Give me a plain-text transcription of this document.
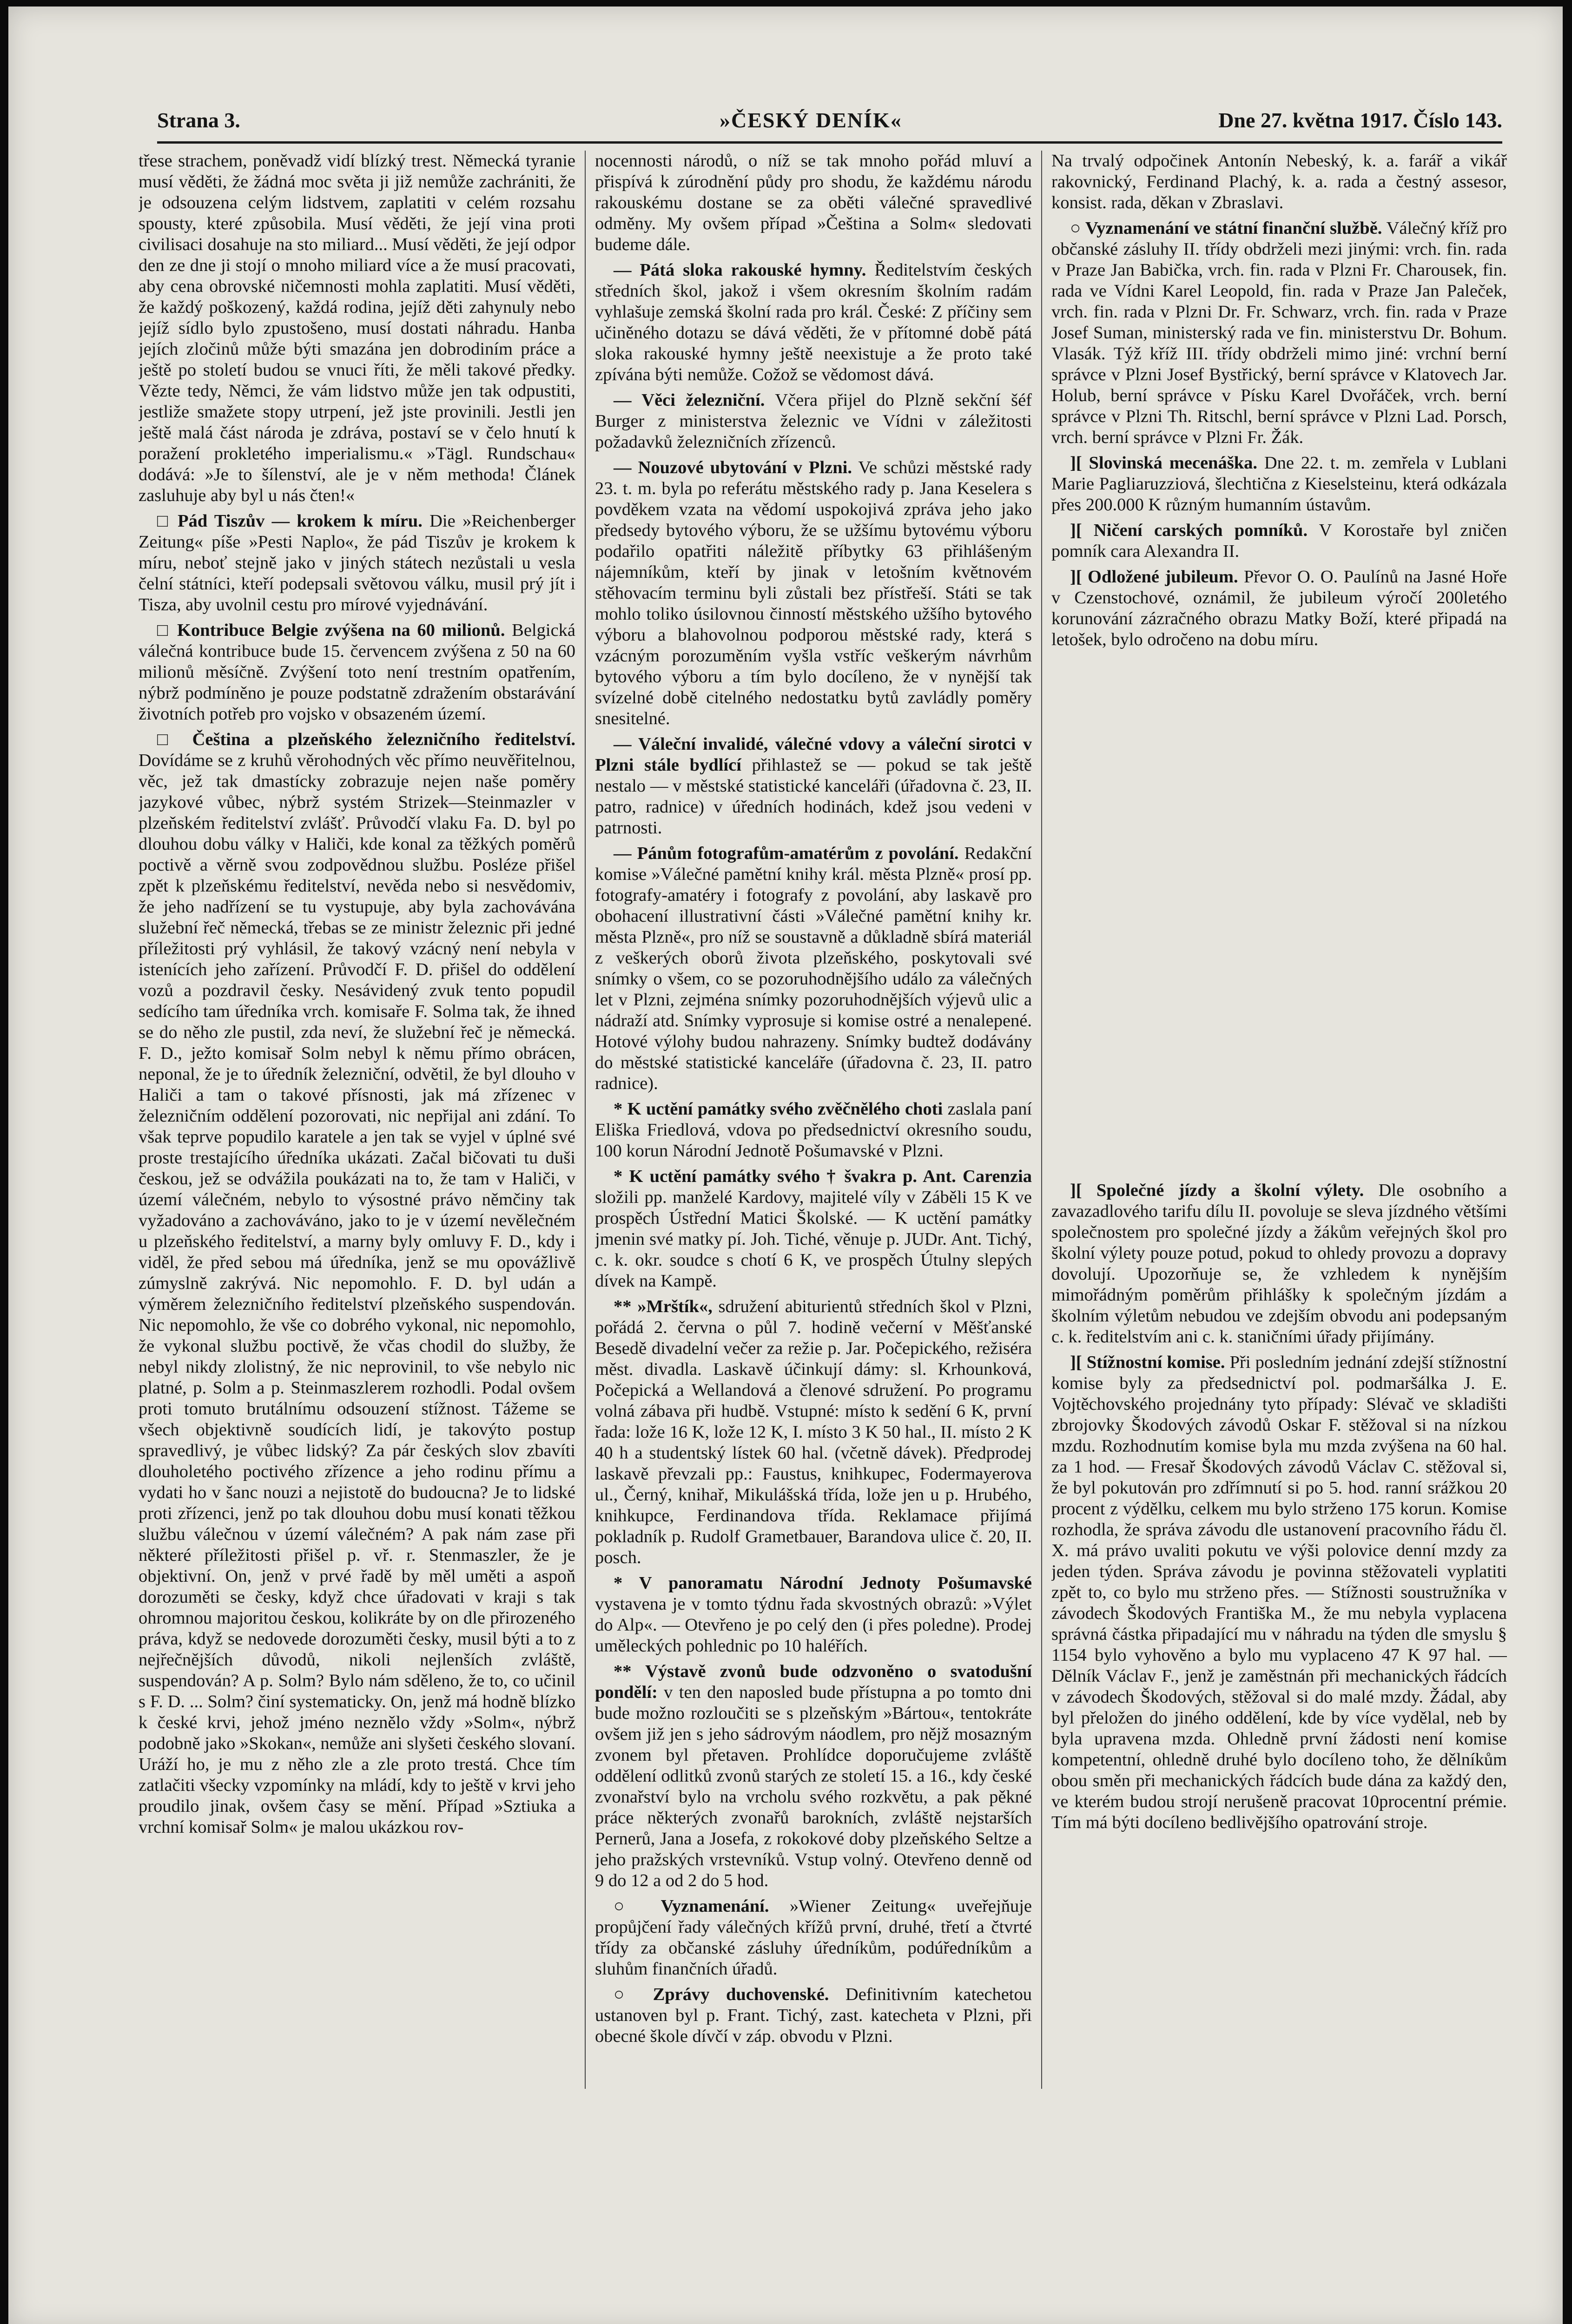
Strana 3.	»ČESKÝ DENÍK«	Dne 27. května 1917. Číslo 143.

třese strachem, poněvadž vidí blízký trest. Německá tyranie musí věděti, že žádná moc světa ji již nemůže zachrániti, že je odsouzena celým lidstvem, zaplatiti v celém rozsahu spousty, které způsobila. Musí věděti, že její vina proti civilisaci dosahuje na sto miliard... Musí věděti, že její odpor den ze dne ji stojí o mnoho miliard více a že musí pracovati, aby cena obrovské ničemnosti mohla zaplatiti. Musí věděti, že každý poškozený, každá rodina, jejíž děti zahynuly nebo jejíž sídlo bylo zpustošeno, musí dostati náhradu. Hanba jejích zločinů může býti smazána jen dobrodiním práce a ještě po století budou se vnuci říti, že měli takové předky. Vězte tedy, Němci, že vám lidstvo může jen tak odpustiti, jestliže smažete stopy utrpení, jež jste provinili. Jestli jen ještě malá část národa je zdráva, postaví se v čelo hnutí k poražení prokletého imperialismu.« »Tägl. Rundschau« dodává: »Je to šílenství, ale je v něm methoda! Článek zasluhuje aby byl u nás čten!«

□ Pád Tiszův — krokem k míru. Die »Reichenberger Zeitung« píše »Pesti Naplo«, že pád Tiszův je krokem k míru, neboť stejně jako v jiných státech nezůstali u vesla čelní státníci, kteří podepsali světovou válku, musil prý jít i Tisza, aby uvolnil cestu pro mírové vyjednávání.

□ Kontribuce Belgie zvýšena na 60 milionů. Belgická válečná kontribuce bude 15. červencem zvýšena z 50 na 60 milionů měsíčně. Zvýšení toto není trestním opatřením, nýbrž podmíněno je pouze podstatně zdražením obstarávání životních potřeb pro vojsko v obsazeném území.

□ Čeština a plzeňského železničního ředitelství. Dovídáme se z kruhů věrohodných věc přímo neuvěřitelnou, věc, jež tak dmastícky zobrazuje nejen naše poměry jazykové vůbec, nýbrž systém Strizek—Steinmazler v plzeňském ředitelství zvlášť. Průvodčí vlaku Fa. D. byl po dlouhou dobu války v Haliči, kde konal za těžkých poměrů poctivě a věrně svou zodpovědnou službu. Posléze přišel zpět k plzeňskému ředitelství, nevěda nebo si nesvědomiv, že jeho nadřízení se tu vystupuje, aby byla zachovávána služební řeč německá, třebas se ze ministr železnic při jedné příležitosti prý vyhlásil, že takový vzácný není nebyla v istenících jeho zařízení. Průvodčí F. D. přišel do oddělení vozů a pozdravil česky. Nesávidený zvuk tento popudil sedícího tam úředníka vrch. komisaře F. Solma tak, že ihned se do něho zle pustil, zda neví, že služební řeč je německá. F. D., ježto komisař Solm nebyl k němu přímo obrácen, neponal, že je to úředník železniční, odvětil, že byl dlouho v Haliči a tam o takové přísnosti, jak má zřízenec v železničním oddělení pozorovati, nic nepřijal ani zdání. To však teprve popudilo karatele a jen tak se vyjel v úplné své proste trestajícího úředníka ukázati. Začal bičovati tu duši českou, jež se odvážila poukázati na to, že tam v Haliči, v území válečném, nebylo to výsostné právo němčiny tak vyžadováno a zachováváno, jako to je v území nevělečném u plzeňského ředitelství, a marny byly omluvy F. D., kdy i viděl, že před sebou má úředníka, jenž se mu opovážlivě zúmyslně zakrývá. Nic nepomohlo. F. D. byl udán a výměrem železničního ředitelství plzeňského suspendován. Nic nepomohlo, že vše co dobrého vykonal, nic nepomohlo, že vykonal službu poctivě, že včas chodil do služby, že nebyl nikdy zlolistný, že nic neprovinil, to vše nebylo nic platné, p. Solm a p. Steinmaszlerem rozhodli. Podal ovšem proti tomuto brutálnímu odsouzení stížnost. Tážeme se všech objektivně soudících lidí, je takovýto postup spravedlivý, je vůbec lidský? Za pár českých slov zbavíti dlouholetého poctivého zřízence a jeho rodinu přímu a vydati ho v šanc nouzi a nejistotě do budoucna? Je to lidské proti zřízenci, jenž po tak dlouhou dobu musí konati těžkou službu válečnou v území válečném? A pak nám zase při některé příležitosti přišel p. vř. r. Stenmaszler, že je objektivní. On, jenž v prvé řadě by měl uměti a aspoň dorozuměti se česky, když chce úřadovati v kraji s tak ohromnou majoritou českou, kolikráte by on dle přirozeného práva, když se nedovede dorozuměti česky, musil býti a to z nejřečnějších důvodů, nikoli nejlenších zvláště, suspendován? A p. Solm? Bylo nám sděleno, že to, co učinil s F. D. ... Solm? činí systematicky. On, jenž má hodně blízko k české krvi, jehož jméno neznělo vždy »Solm«, nýbrž podobně jako »Skokan«, nemůže ani slyšeti českého slovaní. Uráží ho, je mu z něho zle a zle proto trestá. Chce tím zatlačiti všecky vzpomínky na mládí, kdy to ještě v krvi jeho proudilo jinak, ovšem časy se mění. Případ »Sztiuka a vrchní komisař Solm« je malou ukázkou rov-

nocennosti národů, o níž se tak mnoho pořád mluví a přispívá k zúrodnění půdy pro shodu, že každému národu rakouskému dostane se za oběti válečné spravedlivé odměny. My ovšem případ »Čeština a Solm« sledovati budeme dále.

— Pátá sloka rakouské hymny. Ředitelstvím českých středních škol, jakož i všem okresním školním radám vyhlašuje zemská školní rada pro král. České: Z příčiny sem učiněného dotazu se dává věděti, že v přítomné době pátá sloka rakouské hymny ještě neexistuje a že proto také zpívána býti nemůže. Cožož se vědomost dává.

— Věci železniční. Včera přijel do Plzně sekční šéf Burger z ministerstva železnic ve Vídni v záležitosti požadavků železničních zřízenců.

— Nouzové ubytování v Plzni. Ve schůzi městské rady 23. t. m. byla po referátu městského rady p. Jana Keselera s povděkem vzata na vědomí uspokojivá zpráva jeho jako předsedy bytového výboru, že se užšímu bytovému výboru podařilo opatřiti náležitě příbytky 63 přihlášeným nájemníkům, kteří by jinak v letošním květnovém stěhovacím terminu byli zůstali bez přístřeší. Státi se tak mohlo toliko úsilovnou činností městského užšího bytového výboru a blahovolnou podporou městské rady, která s vzácným porozuměním vyšla vstříc veškerým návrhům bytového výboru a tím bylo docíleno, že v nynější tak svízelné době citelného nedostatku bytů zavládly poměry snesitelné.

— Váleční invalidé, válečné vdovy a váleční sirotci v Plzni stále bydlící přihlastež se — pokud se tak ještě nestalo — v městské statistické kanceláři (úřadovna č. 23, II. patro, radnice) v úředních hodinách, kdež jsou vedeni v patrnosti.

— Pánům fotografům-amatérům z povolání. Redakční komise »Válečné pamětní knihy král. města Plzně« prosí pp. fotografy-amatéry i fotografy z povolání, aby laskavě pro obohacení illustrativní části »Válečné pamětní knihy kr. města Plzně«, pro níž se soustavně a důkladně sbírá materiál z veškerých oborů života plzeňského, poskytovali své snímky o všem, co se pozoruhodnějšího událo za válečných let v Plzni, zejména snímky pozoruhodnějších výjevů ulic a nádraží atd. Snímky vyprosuje si komise ostré a nenalepené. Hotové výlohy budou nahrazeny. Snímky budtež dodávány do městské statistické kanceláře (úřadovna č. 23, II. patro radnice).

* K uctění památky svého zvěčnělého choti zaslala paní Eliška Friedlová, vdova po předsednictví okresního soudu, 100 korun Národní Jednotě Pošumavské v Plzni.

* K uctění památky svého † švakra p. Ant. Carenzia složili pp. manželé Kardovy, majitelé víly v Záběli 15 K ve prospěch Ústřední Matici Školské. — K uctění památky jmenin své matky pí. Joh. Tiché, věnuje p. JUDr. Ant. Tichý, c. k. okr. soudce s chotí 6 K, ve prospěch Útulny slepých dívek na Kampě.

** »Mrštík«, sdružení abiturientů středních škol v Plzni, pořádá 2. června o půl 7. hodině večerní v Měšťanské Besedě divadelní večer za režie p. Jar. Počepického, režiséra měst. divadla. Laskavě účinkují dámy: sl. Krhounková, Počepická a Wellandová a členové sdružení. Po programu volná zábava při hudbě. Vstupné: místo k sedění 6 K, první řada: lože 16 K, lože 12 K, I. místo 3 K 50 hal., II. místo 2 K 40 h a studentský lístek 60 hal. (včetně dávek). Předprodej laskavě převzali pp.: Faustus, knihkupec, Fodermayerova ul., Černý, knihař, Mikulášská třída, lože jen u p. Hrubého, knihkupce, Ferdinandova třída. Reklamace přijímá pokladník p. Rudolf Grametbauer, Barandova ulice č. 20, II. posch.

* V panoramatu Národní Jednoty Pošumavské vystavena je v tomto týdnu řada skvostných obrazů: »Výlet do Alp«. — Otevřeno je po celý den (i přes poledne). Prodej uměleckých pohlednic po 10 haléřích.

** Výstavě zvonů bude odzvoněno o svatodušní pondělí: v ten den naposled bude přístupna a po tomto dni bude možno rozloučiti se s plzeňským »Bártou«, tentokráte ovšem již jen s jeho sádrovým náodlem, pro nějž mosazným zvonem byl přetaven. Prohlídce doporučujeme zvláště oddělení odlitků zvonů starých ze století 15. a 16., kdy české zvonařství bylo na vrcholu svého rozkvětu, a pak pěkné práce některých zvonařů barokních, zvláště nejstarších Pernerů, Jana a Josefa, z rokokové doby plzeňského Seltze a jeho pražských vrstevníků. Vstup volný. Otevřeno denně od 9 do 12 a od 2 do 5 hod.

○ Vyznamenání. »Wiener Zeitung« uveřejňuje propůjčení řady válečných křížů první, druhé, třetí a čtvrté třídy za občanské zásluhy úředníkům, podúředníkům a sluhům finančních úřadů.

○ Zprávy duchovenské. Definitivním katechetou ustanoven byl p. Frant. Tichý, zast. katecheta v Plzni, při obecné škole dívčí v záp. obvodu v Plzni.

Na trvalý odpočinek Antonín Nebeský, k. a. farář a vikář rakovnický, Ferdinand Plachý, k. a. rada a čestný assesor, konsist. rada, děkan v Zbraslavi.

○ Vyznamenání ve státní finanční službě. Válečný kříž pro občanské zásluhy II. třídy obdrželi mezi jinými: vrch. fin. rada v Praze Jan Babička, vrch. fin. rada v Plzni Fr. Charousek, fin. rada ve Vídni Karel Leopold, fin. rada v Praze Jan Paleček, vrch. fin. rada v Plzni Dr. Fr. Schwarz, vrch. fin. rada v Praze Josef Suman, ministerský rada ve fin. ministerstvu Dr. Bohum. Vlasák. Týž kříž III. třídy obdrželi mimo jiné: vrchní berní správce v Plzni Josef Bystřický, berní správce v Klatovech Jar. Holub, berní správce v Písku Karel Dvořáček, vrch. berní správce v Plzni Th. Ritschl, berní správce v Plzni Lad. Porsch, vrch. berní správce v Plzni Fr. Žák.

][ Slovinská mecenáška. Dne 22. t. m. zemřela v Lublani Marie Pagliaruzziová, šlechtična z Kieselsteinu, která odkázala přes 200.000 K různým humanním ústavům.

][ Ničení carských pomníků. V Korostaře byl zničen pomník cara Alexandra II.

][ Odložené jubileum. Převor O. O. Paulínů na Jasné Hoře v Czenstochové, oznámil, že jubileum výročí 200letého korunování zázračného obrazu Matky Boží, které připadá na letošek, bylo odročeno na dobu míru.

][ Společné jízdy a školní výlety. Dle osobního a zavazadlového tarifu dílu II. povoluje se sleva jízdného většími společnostem pro společné jízdy a žákům veřejných škol pro školní výlety pouze potud, pokud to ohledy provozu a dopravy dovolují. Upozorňuje se, že vzhledem k nynějším mimořádným poměrům přihlášky k společným jízdám a školním výletům nebudou ve zdejším obvodu ani podepsaným c. k. ředitelstvím ani c. k. staničními úřady přijímány.

][ Stížnostní komise. Při posledním jednání zdejší stížnostní komise byly za předsednictví pol. podmaršálka J. E. Vojtěchovského projednány tyto případy: Slévač ve skladišti zbrojovky Škodových závodů Oskar F. stěžoval si na nízkou mzdu. Rozhodnutím komise byla mu mzda zvýšena na 60 hal. za 1 hod. — Fresař Škodových závodů Václav C. stěžoval si, že byl pokutován pro zdřímnutí si po 5. hod. ranní srážkou 20 procent z výdělku, celkem mu bylo strženo 175 korun. Komise rozhodla, že správa závodu dle ustanovení pracovního řádu čl. X. má právo uvaliti pokutu ve výši polovice denní mzdy za jeden týden. Správa závodu je povinna stěžovateli vyplatiti zpět to, co bylo mu strženo přes. — Stížnosti soustružníka v závodech Škodových Františka M., že mu nebyla vyplacena správná částka připadající mu v náhradu na týden dle smyslu § 1154 bylo vyhověno a bylo mu vyplaceno 47 K 97 hal. — Dělník Václav F., jenž je zaměstnán při mechanických řádcích v závodech Škodových, stěžoval si do malé mzdy. Žádal, aby byl přeložen do jiného oddělení, kde by více vydělal, neb by byla upravena mzda. Ohledně první žádosti není komise kompetentní, ohledně druhé bylo docíleno toho, že dělníkům obou směn při mechanických řádcích bude dána za každý den, ve kterém budou strojí nerušeně pracovat 10procentní prémie. Tím má býti docíleno bedlivějšího opatrování stroje.
